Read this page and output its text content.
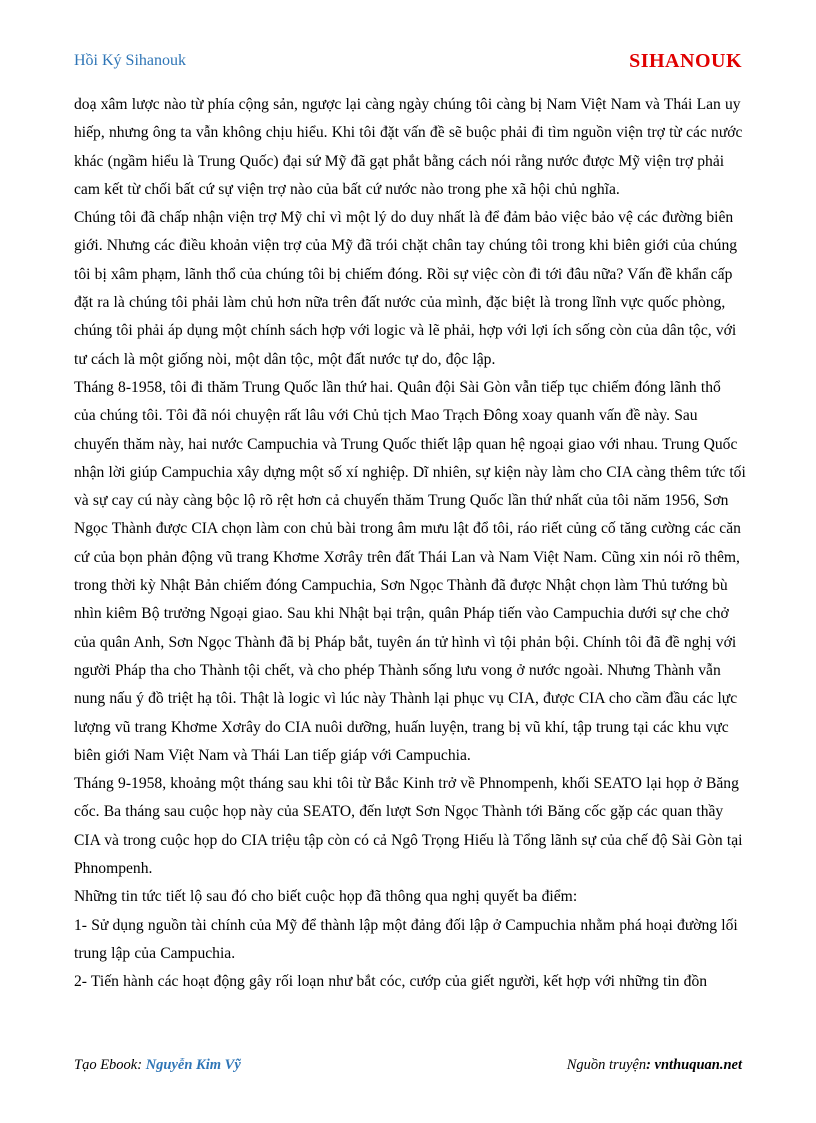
Hồi Ký Sihanouk	SIHANOUK

doạ xâm lược nào từ phía cộng sản, ngược lại càng ngày chúng tôi càng bị Nam Việt Nam và Thái Lan uy hiếp, nhưng ông ta vẫn không chịu hiểu. Khi tôi đặt vấn đề sẽ buộc phải đi tìm nguồn viện trợ từ các nước khác (ngầm hiểu là Trung Quốc) đại sứ Mỹ đã gạt phắt bằng cách nói rằng nước được Mỹ viện trợ phải cam kết từ chối bất cứ sự viện trợ nào của bất cứ nước nào trong phe xã hội chủ nghĩa.

Chúng tôi đã chấp nhận viện trợ Mỹ chỉ vì một lý do duy nhất là để đảm bảo việc bảo vệ các đường biên giới. Nhưng các điều khoản viện trợ của Mỹ đã trói chặt chân tay chúng tôi trong khi biên giới của chúng tôi bị xâm phạm, lãnh thổ của chúng tôi bị chiếm đóng. Rồi sự việc còn đi tới đâu nữa? Vấn đề khẩn cấp đặt ra là chúng tôi phải làm chủ hơn nữa trên đất nước của mình, đặc biệt là trong lĩnh vực quốc phòng, chúng tôi phải áp dụng một chính sách hợp với logic và lẽ phải, hợp với lợi ích sống còn của dân tộc, với tư cách là một giống nòi, một dân tộc, một đất nước tự do, độc lập.

Tháng 8-1958, tôi đi thăm Trung Quốc lần thứ hai. Quân đội Sài Gòn vẫn tiếp tục chiếm đóng lãnh thổ của chúng tôi. Tôi đã nói chuyện rất lâu với Chủ tịch Mao Trạch Đông xoay quanh vấn đề này. Sau chuyến thăm này, hai nước Campuchia và Trung Quốc thiết lập quan hệ ngoại giao với nhau. Trung Quốc nhận lời giúp Campuchia xây dựng một số xí nghiệp. Dĩ nhiên, sự kiện này làm cho CIA càng thêm tức tối và sự cay cú này càng bộc lộ rõ rệt hơn cả chuyến thăm Trung Quốc lần thứ nhất của tôi năm 1956, Sơn Ngọc Thành được CIA chọn làm con chủ bài trong âm mưu lật đổ tôi, ráo riết củng cố tăng cường các căn cứ của bọn phản động vũ trang Khơme Xơrây trên đất Thái Lan và Nam Việt Nam. Cũng xin nói rõ thêm, trong thời kỳ Nhật Bản chiếm đóng Campuchia, Sơn Ngọc Thành đã được Nhật chọn làm Thủ tướng bù nhìn kiêm Bộ trưởng Ngoại giao. Sau khi Nhật bại trận, quân Pháp tiến vào Campuchia dưới sự che chở của quân Anh, Sơn Ngọc Thành đã bị Pháp bắt, tuyên án tử hình vì tội phản bội. Chính tôi đã đề nghị với người Pháp tha cho Thành tội chết, và cho phép Thành sống lưu vong ở nước ngoài. Nhưng Thành vẫn nung nấu ý đồ triệt hạ tôi. Thật là logic vì lúc này Thành lại phục vụ CIA, được CIA cho cầm đầu các lực lượng vũ trang Khơme Xơrây do CIA nuôi dưỡng, huấn luyện, trang bị vũ khí, tập trung tại các khu vực biên giới Nam Việt Nam và Thái Lan tiếp giáp với Campuchia.

Tháng 9-1958, khoảng một tháng sau khi tôi từ Bắc Kinh trở về Phnompenh, khối SEATO lại họp ở Băng cốc. Ba tháng sau cuộc họp này của SEATO, đến lượt Sơn Ngọc Thành tới Băng cốc gặp các quan thầy CIA và trong cuộc họp do CIA triệu tập còn có cả Ngô Trọng Hiếu là Tổng lãnh sự của chế độ Sài Gòn tại Phnompenh.

Những tin tức tiết lộ sau đó cho biết cuộc họp đã thông qua nghị quyết ba điểm:

1- Sử dụng nguồn tài chính của Mỹ để thành lập một đảng đối lập ở Campuchia nhằm phá hoại đường lối trung lập của Campuchia.

2- Tiến hành các hoạt động gây rối loạn như bắt cóc, cướp của giết người, kết hợp với những tin đồn

Tạo Ebook: Nguyễn Kim Vỹ	Nguồn truyện: vnthuquan.net
